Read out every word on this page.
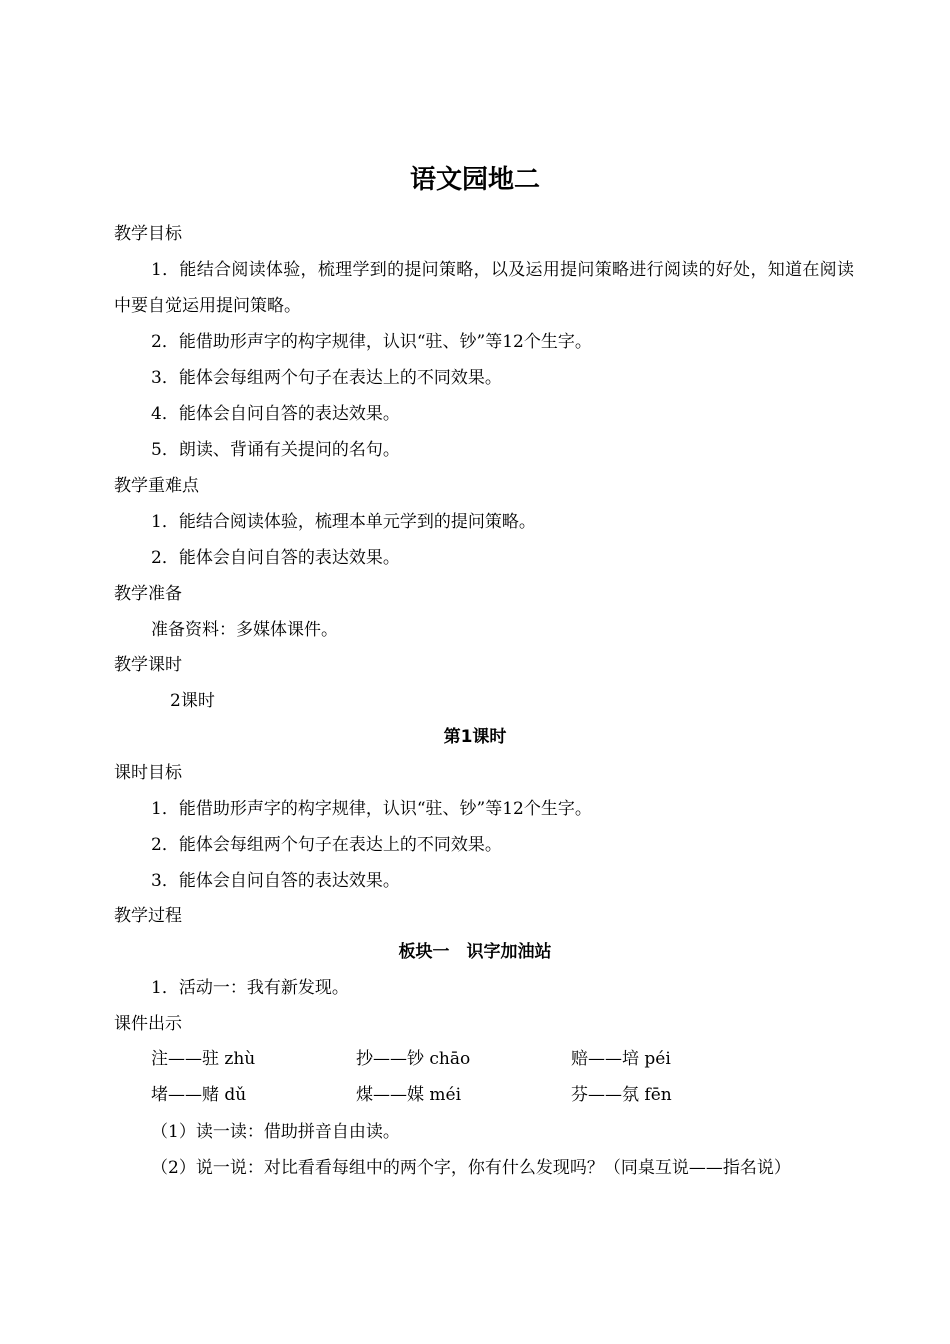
语文园地二
教学目标
1．能结合阅读体验，梳理学到的提问策略，以及运用提问策略进行阅读的好处，知道在阅读中要自觉运用提问策略。
2．能借助形声字的构字规律，认识“驻、钞”等12个生字。
3．能体会每组两个句子在表达上的不同效果。
4．能体会自问自答的表达效果。
5．朗读、背诵有关提问的名句。
教学重难点
1．能结合阅读体验，梳理本单元学到的提问策略。
2．能体会自问自答的表达效果。
教学准备
准备资料：多媒体课件。
教学课时
2课时
第1课时
课时目标
1．能借助形声字的构字规律，认识“驻、钞”等12个生字。
2．能体会每组两个句子在表达上的不同效果。
3．能体会自问自答的表达效果。
教学过程
板块一　识字加油站
1．活动一：我有新发现。
课件出示
注——驻 zhù	抄——钞 chāo	赔——培 péi
堵——赌 dǔ	煤——媒 méi	芬——氛 fēn
（1）读一读：借助拼音自由读。
（2）说一说：对比看看每组中的两个字，你有什么发现吗？（同桌互说——指名说）
